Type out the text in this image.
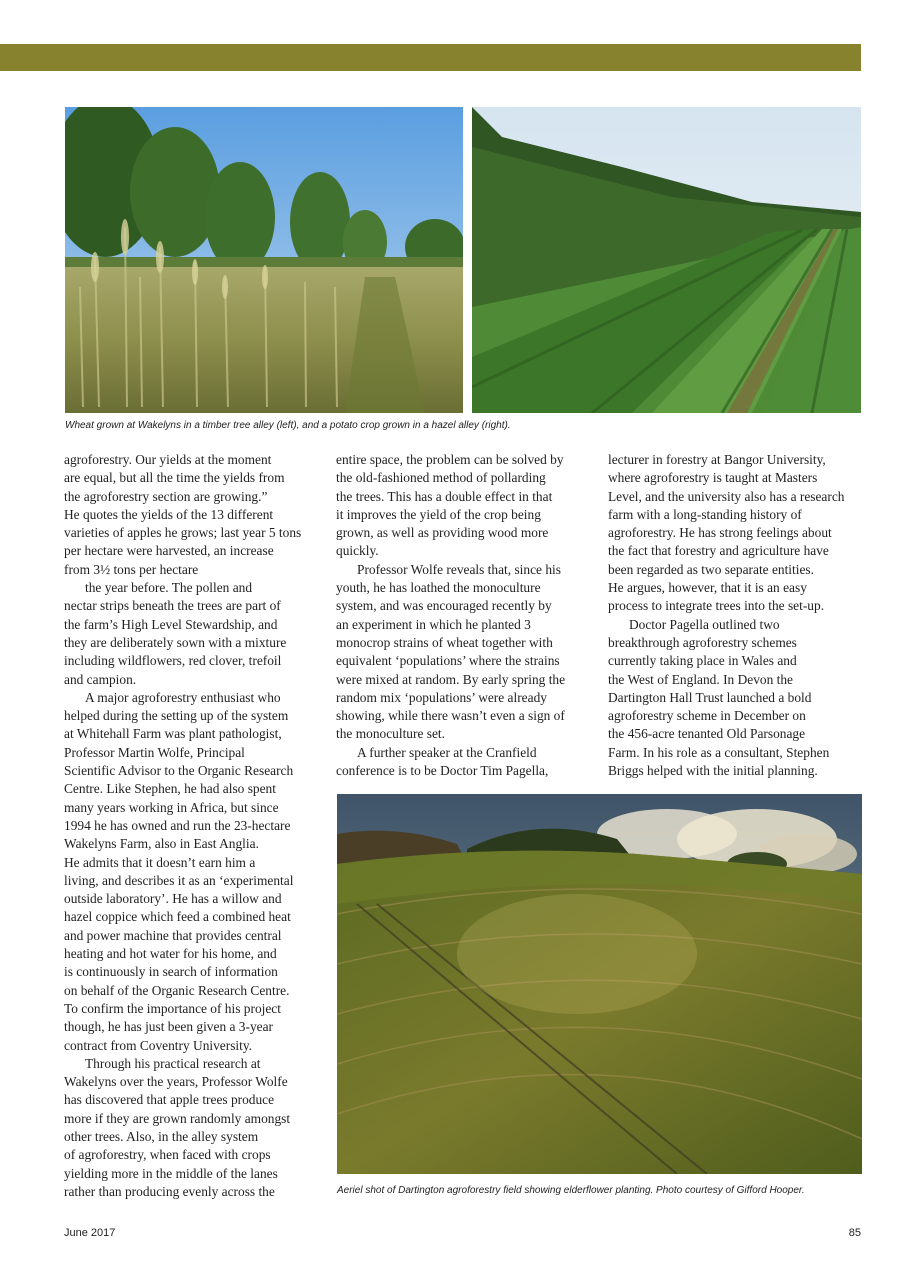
Wheat grown at Wakelyns in a timber tree alley (left), and a potato crop grown in a hazel alley (right).
agroforestry. Our yields at the moment
are equal, but all the time the yields from
the agroforestry section are growing.”
He quotes the yields of the 13 different
varieties of apples he grows; last year 5 tons
per hectare were harvested, an increase
from 3½ tons per hectare
the year before. The pollen and
nectar strips beneath the trees are part of
the farm’s High Level Stewardship, and
they are deliberately sown with a mixture
including wildflowers, red clover, trefoil
and campion.
A major agroforestry enthusiast who
helped during the setting up of the system
at Whitehall Farm was plant pathologist,
Professor Martin Wolfe, Principal
Scientific Advisor to the Organic Research
Centre. Like Stephen, he had also spent
many years working in Africa, but since
1994 he has owned and run the 23-hectare
Wakelyns Farm, also in East Anglia.
He admits that it doesn’t earn him a
living, and describes it as an ‘experimental
outside laboratory’. He has a willow and
hazel coppice which feed a combined heat
and power machine that provides central
heating and hot water for his home, and
is continuously in search of information
on behalf of the Organic Research Centre.
To confirm the importance of his project
though, he has just been given a 3-year
contract from Coventry University.
Through his practical research at
Wakelyns over the years, Professor Wolfe
has discovered that apple trees produce
more if they are grown randomly amongst
other trees. Also, in the alley system
of agroforestry, when faced with crops
yielding more in the middle of the lanes
rather than producing evenly across the
entire space, the problem can be solved by
the old-fashioned method of pollarding
the trees. This has a double effect in that
it improves the yield of the crop being
grown, as well as providing wood more
quickly.
Professor Wolfe reveals that, since his
youth, he has loathed the monoculture
system, and was encouraged recently by
an experiment in which he planted 3
monocrop strains of wheat together with
equivalent ‘populations’ where the strains
were mixed at random. By early spring the
random mix ‘populations’ were already
showing, while there wasn’t even a sign of
the monoculture set.
A further speaker at the Cranfield
conference is to be Doctor Tim Pagella,
lecturer in forestry at Bangor University,
where agroforestry is taught at Masters
Level, and the university also has a research
farm with a long-standing history of
agroforestry. He has strong feelings about
the fact that forestry and agriculture have
been regarded as two separate entities.
He argues, however, that it is an easy
process to integrate trees into the set-up.
Doctor Pagella outlined two
breakthrough agroforestry schemes
currently taking place in Wales and
the West of England. In Devon the
Dartington Hall Trust launched a bold
agroforestry scheme in December on
the 456-acre tenanted Old Parsonage
Farm. In his role as a consultant, Stephen
Briggs helped with the initial planning.
Aeriel shot of Dartington agroforestry field showing elderflower planting. Photo courtesy of Gifford Hooper.
June 2017	85
